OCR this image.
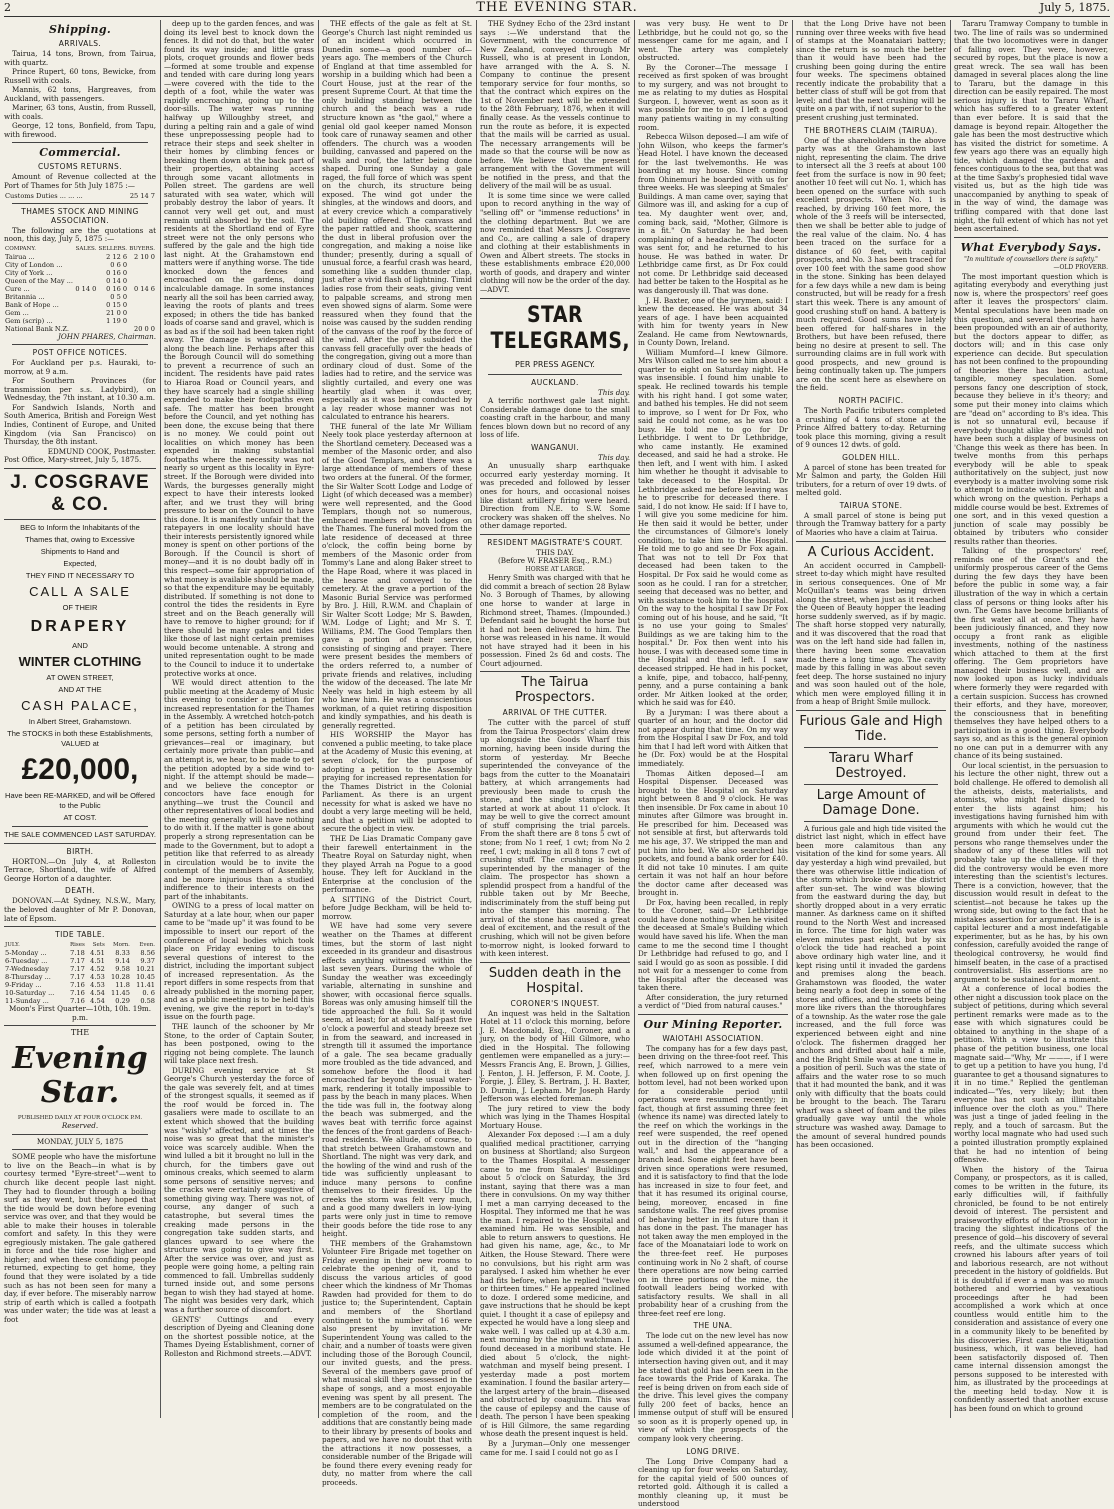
2	THE EVENING STAR.	July 5, 1875.
Shipping.
ARRIVALS.

Tairua, 14 tons, Brown, from Tairua, with quartz.

Prince Rupert, 60 tons, Bewicke, from Russell with coals.

Mannis, 62 tons, Hargreaves, from Auckland, with passengers.

Mariner, 63 tons, Austin, from Russell, with coals.

George, 12 tons, Bonfield, from Tapu, with firewood.

Commercial.
CUSTOMS RETURNS.

Amount of Revenue collected at the Port of Thames for 5th July 1875 :—

Customs Duties ... ... ...	25 14 7
THAMES STOCK AND MINING ASSOCIATION.

The following are the quotations at noon, this day, July 5, 1875 :—

COMPANY.	SALES.	SELLERS.	BUYERS.
Tairua ...		2 12 6	2 10 0
City of London ...		0 6 0	
City of York ...		0 16 0	
Queen of the May ...		0 14 0	
Cure ...	0 14 0	0 16 0	0 14 6
Britannia ...		0 5 0	
Bank of Hope ...		0 15 0	
Gem ...		21 0 0	
Gem (scrip) ...		1 19 0	
National Bank N.Z.			20 0 0
JOHN PHARES, Chairman.
POST OFFICE NOTICES.

For Auckland per p.s. Hauraki, to-morrow, at 9 a.m.

For Southern Provinces (for transmission per s.s. Ladybird), on Wednesday, the 7th instant, at 10.30 a.m.

For Sandwich Islands, North and South America, British and Foreign West Indies, Continent of Europe, and United Kingdom (via San Francisco) on Thursday, the 8th instant.

EDMUND COOK, Postmaster.
Post Office, Mary-street, July 5, 1875.
J. COSGRAVE & CO.
BEG to Inform the Inhabitants of the
Thames that, owing to Excessive
Shipments to Hand and
Expected,
THEY FIND IT NECESSARY TO
CALL A SALE
OF THEIR
DRAPERY
AND
WINTER CLOTHING
AT OWEN STREET,
AND AT THE
CASH PALACE,
In Albert Street, Grahamstown.
The STOCKS in both these Establishments, VALUED at
£20,000,
Have been RE-MARKED, and will be Offered to the Public
AT COST.
THE SALE COMMENCED LAST SATURDAY.
BIRTH.

HORTON.—On July 4, at Rolleston Terrace, Shortland, the wife of Alfred George Horton of a daughter.

DEATH.

DONOVAN.—At Sydney, N.S.W., Mary, the beloved daughter of Mr P. Donovan, late of Epsom.

TIDE TABLE.
JULY.	Rises	Sets	Morn.	Even.
5-Monday ...	7.18	4.51	8.33	8.56
6-Tuesday ...	7.17	4.51	9.14	9.37
7-Wednesday	7.17	4.52	9.58	10.21
8-Thursday ...	7.17	4.53	10.28	10.45
9-Friday ...	7.16	4.53	11.8	11.41
10-Saturday ...	7.16	4.54	11.45	0. 6
11-Sunday ...	7.16	4.54	0.29	0.58
Moon's First Quarter—10th, 10h. 19m. p.m.
THE
Evening Star.
PUBLISHED DAILY AT FOUR O'CLOCK P.M.
Reserved.
MONDAY, JULY 5, 1875

SOME people who have the misfortune to live on the Beach—in what is by courtesy termed "Eyre-street"—went to church like decent people last night. They had to flounder through a boiling surf as they went, but they hoped that the tide would be down before evening service was over, and that they would be able to make their houses in tolerable comfort and safety. In this they were egregiously mistaken. The gale gathered in force and the tide rose higher and higher; and when these confiding people returned, expecting to get home, they found that they were isolated by a tide such as has not been seen for many a day, if ever before. The miserably narrow strip of earth which is called a footpath was under water; the tide was at least a foot

deep up to the garden fences, and was doing its level best to knock down the fences. It did not do that, but the water found its way inside; and little grass plots, croquet grounds and flower beds—formed at some trouble and expense and tended with care during long years—were covered with the tide to the depth of a foot, while the water was rapidly encroaching, going up to the door-sills. The water was running halfway up Willoughby street, and during a pelting rain and a gale of wind these unprepossessing people had to retrace their steps and seek shelter in their homes by climbing fences or breaking them down at the back part of their properties, obtaining access through some vacant allotments in Pollen street. The gardens are well saturated with sea water, which will probably destroy the labor of years. It cannot very well get out, and must remain until absorbed by the soil. The residents at the Shortland end of Eyre street were not the only persons who suffered by the gale and the high tide last night. At the Grahamstown end matters were if anything worse. The tide knocked down the fences and encroached on the gardens, doing incalculable damage. In some instances nearly all the soil has been carried away, leaving the roots of plants and trees exposed; in others the tide has banked loads of coarse sand and gravel, which is as bad as if the soil had been taken right away. The damage is widespread all along the beach line. Perhaps after this the Borough Council will do something to prevent a recurrence of such an incident. The residents have paid rates to Hiaroa Road or Council years, and they have scarcely had a single shilling expended to make their footpaths even safe. The matter has been brought before the Council, and yet nothing has been done, the excuse being that there is no money. We could point out localities on which money has been expended in making substantial footpaths where the necessity was not nearly so urgent as this locality in Eyre-street. If the Borough were divided into Wards, the burgesses generally might expect to have their interests looked after, and we trust they will bring pressure to bear on the Council to have this done. It is manifestly unfair that the ratepayers in one locality should have their interests persistently ignored while money is spent on other portions of the Borough. If the Council is short of money—and it is no doubt badly off in this respect—some fair appropriation of what money is available should be made, so that the expenditure may be equitably distributed. If something is not done to control the tides the residents in Eyre street and on the Beach generally will have to remove to higher ground; for if there should be many gales and tides like those of last night certain premises would become untenable. A strong and united representation ought to be made to the Council to induce it to undertake protective works at once.

WE would direct attention to the public meeting at the Academy of Music this evening to consider a petition for increased representation for the Thames in the Assembly. A wretched hotch-potch of a petition has been circulated by some persons, setting forth a number of grievances—real or imaginary, but certainly more private than public—and an attempt is, we hear, to be made to get the petition adopted by a side wind to-night. If the attempt should be made—and we believe the conceptor or concoctors have face enough for anything—we trust the Council and other representatives of local bodies and the meeting generally will have nothing to do with it. If the matter is gone about properly a strong representation can be made to the Government, but to adopt a petition like that referred to as already in circulation would be to invite the contempt of the members of Assembly, and be more injurious than a studied indifference to their interests on the part of the inhabitants.

OWING to a press of local matter on Saturday at a late hour, when our paper came to be "made up" it was found to be impossible to insert our report of the conference of local bodies which took place on Friday evening to discuss several questions of interest to the district, including the important subject of increased representation. As the report differs in some respects from that already published in the morning paper, and as a public meeting is to be held this evening, we give the report in to-day's issue on the fourth page.

THE launch of the schooner by Mr Stone, to the order of Captain Souter, has been postponed, owing to the rigging not being complete. The launch will take place next fresh.

DURING evening service at St George's Church yesterday the force of the gale was severely felt, and at times of the strongest squalls, it seemed as if the roof would be forced in. The gasaliers were made to oscillate to an extent which showed that the building was "wishly" affected, and at times the noise was so great that the minister's voice was scarcely audible. When the wind lulled a bit it brought no lull in the church, for the timbers gave out ominous creaks, which seemed to alarm some persons of sensitive nerves; and the cracks were certainly suggestive of something giving way. There was not, of course, any danger of such a catastrophe, but several times the creaking made persons in the congregation take sudden starts, and glances upward to see where the structure was going to give way first. After the service was over, and just as people were going home, a pelting rain commenced to fall. Umbrellas suddenly turned inside out, and some persons began to wish they had stayed at home. The night was besides very dark, which was a further source of discomfort.

GENTS' Cuttings and every description of Dyeing and Cleaning done on the shortest possible notice, at the Thames Dyeing Establishment, corner of Rolleston and Richmond streets.—ADVT.

THE effects of the gale as felt at St. George's Church last night reminded us of an incident which occurred in Dunedin some—a good number of—years ago. The members of the Church of England at that time assembled for worship in a building which had been a Court House, just at the rear of the present Supreme Court. At that time the only building standing between the church and the beach was a rude structure known as "the gaol," where a genial old gaol keeper named Monson took care of runaway seamen and other offenders. The church was a wooden building, canvassed and papered on the walls and roof, the latter being done shaped. During one Sunday a gale raged, the full force of which was spent on the church, its structure being exposed. The wind got under the shingles, at the windows and doors, and at every crevice which a comparatively old building offered. The canvass and the paper rattled and shook, scattering the dust in liberal profusion over the congregation, and making a noise like thunder; presently, during a squall of unusual force, a fearful crash was heard, something like a sudden thunder clap, just after a vivid flash of lightning. Timid ladies rose from their seats, giving vent to palpable screams, and strong men even showed signs of alarm. Some were reassured when they found that the noise was caused by the sudden rending of the canvass of the roof by the force of the wind. After the puff subsided the canvass fell gracefully over the heads of the congregation, giving out a more than ordinary cloud of dust. Some of the ladies had to retire, and the service was slightly curtailed, and every one was heartily glad when it was over, especially as it was being conducted by a lay reader whose manner was not calculated to entrance his hearers.

THE funeral of the late Mr William Neely took place yesterday afternoon at the Shortland cemetery. Deceased was a member of the Masonic order, and also of the Good Templars, and there was a large attendance of members of these two orders at the funeral. Of the former, the Sir Walter Scott Lodge and Lodge of Light (of which deceased was a member) were well represented, and the Good Templars, though not so numerous, embraced members of both lodges on the Thames. The funeral moved from the late residence of deceased at three o'clock, the coffin being borne by members of the Masonic order from Tommy's Lane and along Baker street to the Hape Road, where it was placed in the hearse and conveyed to the cemetery. At the grave a portion of the Masonic Burial Service was performed by Bro. J. Hill, R.W.M. and Chaplain of Sir Walter Scott Lodge; Mr S. Bawden, W.M. Lodge of Light; and Mr S. T. Williams, P.M. The Good Templars then gave a portion of their service, consisting of singing and prayer. There were present besides the members of the orders referred to, a number of private friends and relatives, including the widow of the deceased. The late Mr Neely was held in high esteem by all who knew him. He was a conscientious workman, of a quiet retiring disposition and kindly sympathies, and his death is generally regretted.

HIS WORSHIP the Mayor has convened a public meeting, to take place at the Academy of Music this evening, at seven o'clock, for the purpose of adopting a petition to the Assembly praying for increased representation for the Thames District in the Colonial Parliament. As there is an urgent necessity for what is asked we have no doubt a very large meeting will be held, and that a petition will be adopted to secure the object in view.

THE De Lias Dramatic Company gave their farewell entertainment in the Theatre Royal on Saturday night, when they played Arrah na Pogue to a good house. They left for Auckland in the Enterprise at the conclusion of the performance.

A SITTING of the District Court, before Judge Beckham, will be held to-morrow.

WE have had some very severe weather on the Thames at different times, but the storm of last night exceeded in its grandeur and disastrous effects anything witnessed within the last seven years. During the whole of Sunday the weather was exceedingly variable, alternating in sunshine and shower, with occasional fierce squalls. Boreas was only amusing himself till the tide approached the full. So it would seem, at least; for at about half-past five o'clock a powerful and steady breeze set in from the seaward, and increased in strength till it assumed the importance of a gale. The sea became gradually more troubled as the tide advanced, and somehow before the flood it had encroached far beyond the usual water-mark, rendering it totally impossible to pass by the beach in many places. When the tide was full in, the footway along the beach was submerged, and the waves beat with terrific force against the fences of the front gardens of Beach-road residents. We allude, of course, to that stretch between Grahamstown and Shortland. The night was very dark, and the howling of the wind and rush of the tide was sufficiently unpleasant to induce many persons to confine themselves to their firesides. Up the creeks the storm was felt very much, and a good many dwellers in low-lying parts were only just in time to remove their goods before the tide rose to any height.

THE members of the Grahamstown Volunteer Fire Brigade met together on Friday evening in their new rooms to celebrate the opening of it, and to discuss the various articles of good cheer which the kindness of Mr Thomas Rawden had provided for them to do justice to; the Superintendent, Captain and members of the Shortland contingent to the number of 16 were also present by invitation. Mr Superintendent Young was called to the chair, and a number of toasts were given including those of the Borough Council, our invited guests, and the press. Several of the members gave proof of what musical skill they possessed in the shape of songs, and a most enjoyable evening was spent by all present. The members are to be congratulated on the completion of the room, and the additions that are constantly being made to their library by presents of books and papers, and we have no doubt that with the attractions it now possesses, a considerable number of the Brigade will be found there every evening ready for duty, no matter from where the call proceeds.

THE Sydney Echo of the 23rd instant says :—We understand that the Government, with the concurrence of New Zealand, conveyed through Mr Russell, who is at present in London, have arranged with the A. S. N. Company to continue the present temporary service for four months, so that the contract which expires on the 1st of November next will be extended to the 28th February, 1876, when it will finally cease. As the vessels continue to run the route as before, it is expected that the mails will be carried as usual. The necessary arrangements will be made so that the course will be now as before. We believe that the present arrangement with the Government will be notified in the press, and that the delivery of the mail will be as usual.

It is some time since we were called upon to record anything in the way of "selling off" or "immense reductions" in the clothing department. But we are now reminded that Messrs J. Cosgrave and Co., are calling a sale of drapery and clothing at their establishments in Owen and Albert streets. The stocks in these establishments embrace £20,000 worth of goods, and drapery and winter clothing will now be the order of the day.—ADVT.

STAR TELEGRAMS,
PER PRESS AGENCY.
AUCKLAND.
This day.

A terrific northwest gale last night. Considerable damage done to the small coasting craft in the harbour, and many fences blown down but no record of any loss of life.

WANGANUI.
This day.

An unusually sharp earthquake occurred early yesterday morning. It was preceded and followed by lesser ones for hours, and occasional noises like distant artillery firing were heard. Direction from N.E. to S.W. Some crockery was shaken off the shelves. No other damage reported.

RESIDENT MAGISTRATE'S COURT.
THIS DAY.
(Before W. FRASER Esq., R.M.)
HORSE AT LARGE.

Henry Smith was charged with that he did commit a breach of section 28 Bylaw No. 3 Borough of Thames, by allowing one horse to wander at large in Richmond street, Thames. (Impounded.) Defendant said he bought the horse but it had not been delivered to him. The horse was released in his name. It would not have strayed had it been in his possession. Fined 2s 6d and costs. The Court adjourned.

The Tairua Prospectors.
ARRIVAL OF THE CUTTER.

The cutter with the parcel of stuff from the Tairua Prospectors' claim drew up alongside the Goods Wharf this morning, having been inside during the storm of yesterday. Mr Beeche superintended the conveyance of the bags from the cutter to the Moanatairi battery, at which arrangements had previously been made to crush the stone, and the single stamper was started at work at about 11 o'clock. It may be well to give the correct amount of stuff comprising the trial parcels. From the shaft there are 8 tons 5 cwt of stone; from No 1 reef, 1 cwt; from No 2 reef, 1 cwt; making in all 8 tons 7 cwt of crushing stuff. The crushing is being superintended by the manager of the claim. The prospector has shown a splendid prospect from a handful of the rubble taken out by Mr Beeche, indiscriminately from the stuff being put into the stamper this morning. The arrival of the stone has caused a great deal of excitement, and the result of the crushing, which will not be given before to-morrow night, is looked forward to with keen interest.

Sudden death in the Hospital.
CORONER'S INQUEST.

An inquest was held in the Saltation Hotel at 11 o'clock this morning, before J. E. Macdonald, Esq., Coroner, and a jury, on the body of Hill Gilmore, who died in the Hospital. The following gentlemen were empanelled as a jury:—Messrs Francis Ang, E. Brown, J. Gillies, J. Fenton, J. H. Jefferson, F. M. Coote, J. Forgie, J. Elley, S. Bertram, J. H. Baxter, D. Durnin, J. Lepham. Mr Joseph Hardy Jefferson was elected foreman.

The jury retired to view the body which was lying in the Thames Hospital Mortuary House.

Alexander Fox deposed :—I am a duly qualified medical practitioner, carrying on business at Shortland; also Surgeon to the Thames Hospital. A messenger came to me from Smales' Buildings about 5 o'clock on Saturday, the 3rd instant, saying that there was a man there in convulsions. On my way thither I met a man carrying deceased to the Hospital. They informed me that he was the man. I repaired to the Hospital and examined him. He was sensible, and able to return answers to questions. He had given his name, age, &c., to Mr Aitken, the House Steward. There were no convulsions, but his right arm was paralysed. I asked him whether he ever had fits before, when he replied "twelve or thirteen times." He appeared inclined to doze. I ordered some medicine, and gave instructions that he should be kept quiet. I thought it a case of epilepsy and expected he would have a long sleep and wake well. I was called up at 4.30 a.m. next morning by the night watchman. I found deceased in a moribund state. He died about 5 o'clock, the night-watchman and myself being present. I yesterday made a post mortem examination. I found the basilar artery—the largest artery of the brain—diseased and obstructed by coagulum. This was the cause of epilepsy and the cause of death. The person I have been speaking of is Hill Gilmore, the same regarding whose death the present inquest is held.

By a Juryman—Only one messenger came for me. I said I could not go as I

was very busy. He went to Dr Lethbridge, but he could not go, so the messenger came for me again, and I went. The artery was completely obstructed.

By the Coroner—The message I received as first spoken of was brought to my surgery, and was not brought to me as relating to my duties as Hospital Surgeon. I, however, went as soon as it was possible for me to go. I left a good many patients waiting in my consulting room.

Rebecca Wilson deposed—I am wife of John Wilson, who keeps the farmer's Head Hotel. I have known the deceased for the last twelvemonths. He was boarding at my house. Since coming from Ohinemuri he boarded with us for three weeks. He was sleeping at Smales' Buildings. A man came over, saying that Gilmore was ill, and asking for a cup of tea. My daughter went over, and, coming back, said, "Mother, Gilmore is in a fit." On Saturday he had been complaining of a headache. The doctor was sent for, and he returned to his house. He was bathed in water. Dr Lethbridge came first, as Dr Fox could not come. Dr Lethbridge said deceased had better be taken to the Hospital as he was dangerously ill. That was done.

J. H. Baxter, one of the jurymen, said: I knew the deceased. He was about 34 years of age. I have been acquainted with him for twenty years in New Zealand. He came from Newtownards, in County Down, Ireland.

William Mumford—I knew Gilmore. Mrs Wilson called me to see him about a quarter to eight on Saturday night. He was insensible. I found him unable to speak. He reclined towards his temple with his right hand. I got some water, and bathed his temples. He did not seem to improve, so I went for Dr Fox, who said he could not come, as he was too busy. He told me to go for Dr Lethbridge. I went to Dr Lethbridge, who came instantly. He examined deceased, and said he had a stroke. He then left, and I went with him. I asked him whether he thought it advisable to take deceased to the Hospital. Dr Lethbridge asked me before leaving was he to prescribe for deceased there. I said, I do not know. He said: If I have to, I will give you some medicine for him. He then said it would be better, under the circumstances of Gilmore's lonely condition, to take him to the Hospital. He told me to go and see Dr Fox again. That was not to tell Dr Fox that deceased had been taken to the Hospital. Dr Fox said he would come as soon as he could. I ran for a stretcher, seeing that deceased was no better, and with assistance took him to the hospital. On the way to the hospital I saw Dr Fox coming out of his house, and he said, "It is no use your going to Smales' Buildings as we are taking him to the hospital." Dr. Fox then went into his house. I was with deceased some time in the Hospital and then left. I saw deceased stripped. He had in his pocket, a knife, pipe, and tobacco, half-penny, penny, and a purse containing a bank order. Mr Aitken looked at the order, which he said was for £40.

By a Juryman: I was there about a quarter of an hour, and the doctor did not appear during that time. On my way from the Hospital I saw Dr Fox, and told him that I had left word with Aitken that he (Dr. Fox) would be at the Hospital immediately.

Thomas Aitken deposed—I am Hospital Dispenser. Deceased was brought to the Hospital on Saturday night between 8 and 9 o'clock. He was then insensible. Dr Fox came in about 10 minutes after Gilmore was brought in. He prescribed for him. Deceased was not sensible at first, but afterwards told me his age, 37. We stripped the man and put him into bed. We also searched his pockets, and found a bank order for £40. It did not take 10 minutes. I am quite certain it was not half an hour before the doctor came after deceased was brought in.

Dr Fox, having been recalled, in reply to the Coroner, said—Dr Lethbridge could have done nothing when he visited the deceased at Smale's Building which would have saved his life. When the man came to me the second time I thought Dr Lethbridge had refused to go, and I said I would go as soon as possible. I did not wait for a messenger to come from the Hospital after the deceased was taken there.

After consideration, the jury returned a verdict of "Died from natural causes."

Our Mining Reporter.
WAIOTAHI ASSOCIATION.

The company has for a few days past, been driving on the three-foot reef. This reef, which narrowed to a mere vein when followed up on first opening the bottom level, had not been worked upon for a considerable period until operations were resumed recently; in fact, though at first assuming three feet (whence its name) was directed lately to the reef on which the workings in the reef were suspended, the reef opened out in the direction of the "hanging wall," and had the appearance of a branch lead. Some eight feet have been driven since operations were resumed, and it is satisfactory to find that the lode has increased in size to four feet, and that it has resumed its original course, being, moreover, encased in fine sandstone walls. The reef gives promise of behaving better in its future than it has done in the past. The manager has not taken away the men employed in the face of the Moanataiari lode to work on the three-feet reef. He purposes continuing work in No 2 shaft, of course there operations are now being carried on in three portions of the mine, the footwall leaders being worked with satisfactory results. We shall in all probability hear of a crushing from the three-feet reef ere long.

THE UNA.

The lode cut on the new level has now assumed a well-defined appearance, the lode which divided it at the point of intersection having given out, and it may be stated that gold has been seen in the face towards the Pride of Karaka. The reef is being driven on from each side of the drive. This level gives the company fully 200 feet of backs, hence an immense output of stuff will be ensured so soon as it is properly opened up, in view of which the prospects of the company look very cheering.

LONG DRIVE.

The Long Drive Company had a cleaning up for four weeks on Saturday, for the capital yield of 500 ounces of retorted gold. Although it is called a monthly cleaning up, it must be understood

that the Long Drive have not been running over three weeks with five head of stamps at the Moanataiari battery; since the return is so much the better than it would have been had the crushing been going during the entire four weeks. The specimens obtained recently indicate the probability that a better class of stuff will be got from that level; and that the next crushing will be quite on a par with, if not superior to the present crushing just terminated.

THE BROTHERS CLAIM (TAIRUA).

One of the shareholders in the above party was at the Grahamstown last night, representing the claim. The drive to intersect all the 3 reefs at about 100 feet from the surface is now in 90 feet; another 10 feet will cut No. 1, which has been opened on the surface with such excellent prospects. When No. 1 is reached, by driving 160 feet more, the whole of the 3 reefs will be intersected, then we shall be better able to judge of the real value of the claim. No. 4 has been traced on the surface for a distance of 60 feet, with capital prospects, and No. 3 has been traced for over 100 feet with the same good show in the stone. Sinking has been delayed for a few days while a new dam is being constructed, but will be ready for a fresh start this week. There is any amount of good crushing stuff on hand. A battery is much required. Good sums have lately been offered for half-shares in the Brothers, but have been refused, there being no desire at present to sell. The surrounding claims are in full work with good prospects, and new ground is being continually taken up. The jumpers are on the scent here as elsewhere on the field.

NORTH PACIFIC.

The North Pacific tributers completed a crushing of 4 tons of stone at the Prince Alfred battery to-day. Returning took place this morning, giving a result of 9 ounces 12 dwts. of gold.

GOLDEN HILL.

A parcel of stone has been treated for Mr Salmon and party, the Golden Hill tributers, for a return of over 19 dwts. of melted gold.

TAIRUA STONE.

A small parcel of stone is being put through the Tramway battery for a party of Maories who have a claim at Tairua.

A Curious Accident.

An accident occurred in Campbell-street to-day which might have resulted in serious consequences. One of Mr McQuillan's teams was being driven along the street, when just as it reached the Queen of Beauty hopper the leading horse suddenly swerved, as if by magic. The shaft horse stopped very naturally, and it was discovered that the road that was on the left hand side had fallen in, there having been some excavation made there a long time ago. The cavity made by this falling in was about seven feet deep. The horse sustained no injury and was soon hauled out of the hole, which men were employed filling it in from a heap of Bright Smile mullock.

Furious Gale and High Tide.
Tararu Wharf Destroyed.
Large Amount of Damage Done.

A furious gale and high tide visited the district last night, which in effect have been more calamitous than any visitation of the kind for some years. All day yesterday a high wind prevailed, but there was otherwise little indication of the storm which broke over the district after sun-set. The wind was blowing from the eastward during the day, but shortly dropped about in a very erratic manner. As darkness came on it shifted round to the North West and increased in force. The time for high water was eleven minutes past eight, but by six o'clock the tide had reached a point above ordinary high water line, and it kept rising until it invaded the gardens and premises along the beach. Grahamstown was flooded, the water being nearly a foot deep in some of the stores and offices, and the streets being more like rivers than the thoroughfares of a township. As the water rose the gale increased, and the full force was experienced between eight and nine o'clock. The fishermen dragged her anchors and drifted about half a mile, and the Bright Smile was at one time in a position of peril. Such was the state of affairs and the water rose to so much that it had mounted the bank, and it was only with difficulty that the boats could be brought to the beach. The Tararu wharf was a sheet of foam and the piles gradually gave way until the whole structure was washed away. Damage to the amount of several hundred pounds has been occasioned.

Tararu Tramway Company to tumble in two. The line of rails was so undermined that the two locomotives were in danger of falling over. They were, however, secured by ropes, but the place is now a great wreck. The sea wall has been damaged in several places along the line to Tararu, but the damage in this direction can be easily repaired. The most serious injury is that to Tararu Wharf, which has suffered to a greater extent than ever before. It is said that the damage is beyond repair. Altogether the gale has been the most destructive which has visited the district for sometime. A few years ago there was an equally high tide, which damaged the gardens and fences contiguous to the sea, but that was at the time Saxby's prophesied tidal wave visited us, but as the high tide was unaccompanied by anything to speak of in the way of wind, the damage was trifling compared with that done last night, the full extent of which has not yet been ascertained.

What Everybody Says.
"In multitude of counsellors there is safety."
—OLD PROVERB.

The most important question which is agitating everybody and everything just now is, where the prospectors' reef goes after it leaves the prospectors' claim. Mental speculations have been made on this question, and several theories have been propounded with an air of authority, but the doctors appear to differ, as doctors will; and in this case only experience can decide. But speculation has not been confined to the propounding of theories there has been actual, tangible, money speculation. Some persons fancy one description of stock, because they believe in it's theory; and some put their money into claims which are "dead on" according to B's idea. This is not so unnatural evil, because if everybody thought alike there would not have been such a display of business on 'Change this week as there has been. In twelve months from this perhaps everybody will be able to speak authoritatively on the subject, just now everybody is a matter involving some risk to attempt to indicate which is right and which wrong on the question. Perhaps a middle course would be best. Extremes of one sort, and in this vexed question a junction of scale may possibly be obtained by tributers who consider results rather than theories.

Talking of the prospectors' reef, reminds one of the Grant's and the uniformly prosperous career of the Gems during the few days they have been before the public in some way, a fair illustration of the way in which a certain class of persons or thing looks after his own. The Gems have become brilliants of the first water all at once. They have been judiciously financed, and they now occupy a front rank as eligible investments, nothing of the nastiness which attached to them at the first offering. The Gem proprietors have managed their business well, and are now looked upon as lucky individuals where formerly they were regarded with a certain suspicion. Success has crowned their efforts, and they have, moreover, the consciousness that in benefiting themselves they have helped others to a participation in a good thing. Everybody says so, and as this is the general opinion no one can put in a demurrer with any chance of its being sustained.

Our local scientist, in the persuasion to his lecture the other night, threw out a bold challenge. He offered to demolish all the atheists, deists, materialists, and atomists, who might feel disposed to enter the lists against him; his investigations having furnished him with arguments with which he would cut the ground from under their feet. The persons who range themselves under the shadow of any of these titles will not probably take up the challenge. If they did the controversy would be even more interesting than the scientist's lectures. There is a conviction, however, that the discussion would result in defeat to the scientist—not because he takes up the wrong side, but owing to the fact that he mistakes assertion for argument. He is a capital lecturer and a most indefatigable experimenter, but as he has, by his own confession, carefully avoided the range of theological controversy, he would find himself beaten, in the case of a practised controversialist. His assertions are no argument to be sustained for a moment.

At a conference of local bodies the other night a discussion took place on the subject of petitions, during which several pertinent remarks were made as to the ease with which signatures could be obtained to anything in the shape of a petition. With a view to illustrate this phase of the petition business, one local magnate said—"Why, Mr ———, if I were to get up a petition to have you hung, I'd guarantee to get a thousand signatures to it in no time." Replied the gentleman indicated—"Yes, very likely; but then everyone has not such an illimitable influence over the cloth as you." There was just a tinge of jaded feeling in the reply, and a touch of sarcasm. But the worthy local magnate who had used such a pointed illustration promptly explained that he had no intention of being offensive.

When the history of the Tairua Company, or prospectors, as it is called, comes to be written in the future, its early difficulties will, if faithfully chronicled, be found to be not entirely devoid of interest. The persistent and praiseworthy efforts of the Prospector in tracing the slightest indications of the presence of gold—his discovery of several reefs, and the ultimate success which crowned his labours after years of toil and laborious research, are not without precedent in the history of goldfields. But it is doubtful if ever a man was so much bothered and worried by vexatious proceedings after he had been accomplished a work which at once countless would entitle him to the consideration and assistance of every one in a community likely to be benefited by his discoveries. First came the litigation business, which, it was believed, had been satisfactorily disposed of. Then came internal dissension amongst the persons supposed to be interested with him, as illustrated by the proceedings at the meeting held to-day. Now it is confidently asserted that another excuse has been found on which to ground
